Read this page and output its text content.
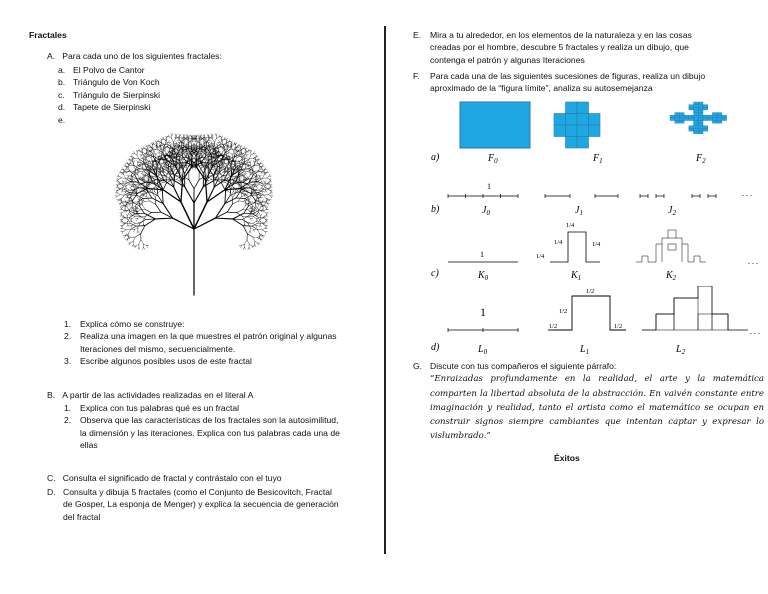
Fractales
A.   Para cada uno de los siguientes fractales:
a. El Polvo de Cantor
b. Triángulo de Von Koch
c. Triángulo de Sierpinski
d. Tapete de Sierpinski
e.
1.	Explica cómo se construye:
2.	Realiza una imagen en la que muestres el patrón original y algunas
Iteraciones del mismo, secuencialmente.
3.	Escribe algunos posibles usos de este fractal
B.   A partir de las actividades realizadas en el literal A
1.	Explica con tus palabras qué es un fractal
2.	Observa que las características de los fractales son la autosimilitud,
la dimensión y las iteraciones. Explica con tus palabras cada una de
ellas
C.   Consulta el significado de fractal y contrástalo con el tuyo
D. Consulta y dibuja 5 fractales (como el Conjunto de Besicovitch, Fractal
de Gosper, La esponja de Menger) y explica la secuencia de generación
del fractal
E.	Mira a tu alrededor, en los elementos de la naturaleza y en las cosas
creadas por el hombre, descubre 5 fractales y realiza un dibujo, que
contenga el patrón y algunas Iteraciones
F.	Para cada una de las siguientes sucesiones de figuras, realiza un dibujo
aproximado de la “figura límite”, analiza su autosemejanza
a)	$F_0$	$F_1$	$F_2$
b)
1
. . .
$J_0$	$J_1$	$J_2$
c)
1
1/4
1/4	1/4
1/4
. . .
$K_0$	$K_1$	$K_2$
d)
1
1/2
1/2
1/2
1/2
. . .
$L_0$	$L_1$	$L_2$
G. Discute con tus compañeros el siguiente párrafo:
“Enraizadas profundamente en la realidad, el arte y la matemática comparten la libertad absoluta de la abstracción. En vaivén constante entre imaginación y realidad, tanto el artista como el matemático se ocupan en construir signos siempre cambiantes que intentan captar y expresar lo vislumbrado.”
Éxitos
